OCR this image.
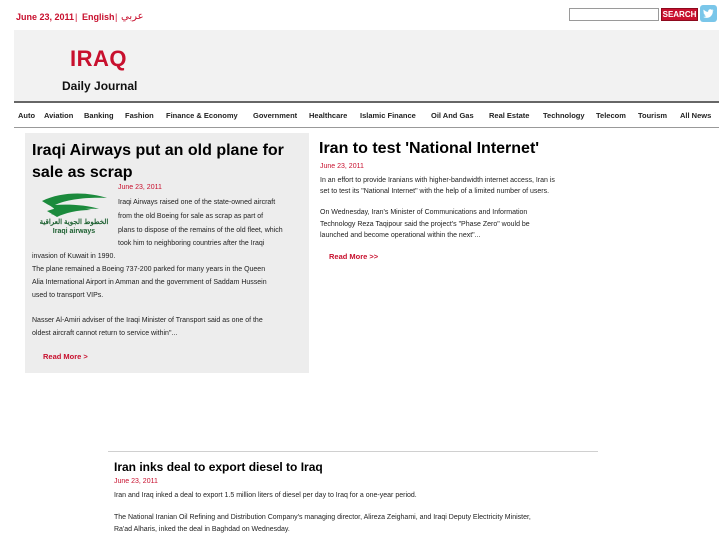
June 23, 2011 | English | عربي	SEARCH
IRAQ
Daily Journal
Auto Aviation Banking Fashion Finance & Economy Government Healthcare Islamic Finance Oil And Gas Real Estate Technology Telecom Tourism All News
Iraqi Airways put an old plane for
sale as scrap
June 23, 2011
الخطوط الجوية العراقية
Iraqi airways
Iraqi Airways raised one of the state-owned aircraft
from the old Boeing for sale as scrap as part of
plans to dispose of the remains of the old fleet, which
took him to neighboring countries after the Iraqi
invasion of Kuwait in 1990.
The plane remained a Boeing 737-200 parked for many years in the Queen
Alia International Airport in Amman and the government of Saddam Hussein
used to transport VIPs.
Nasser Al-Amiri adviser of the Iraqi Minister of Transport said as one of the
oldest aircraft cannot return to service within"...
Read More >
Iran to test 'National Internet'
June 23, 2011
In an effort to provide Iranians with higher-bandwidth internet access, Iran is
set to test its "National Internet" with the help of a limited number of users.
On Wednesday, Iran's Minister of Communications and Information
Technology Reza Taqipour said the project's "Phase Zero" would be
launched and become operational within the next"...
Read More >>
Iran inks deal to export diesel to Iraq
June 23, 2011
Iran and Iraq inked a deal to export 1.5 million liters of diesel per day to Iraq for a one-year period.
The National Iranian Oil Refining and Distribution Company's managing director, Alireza Zeighami, and Iraqi Deputy Electricity Minister,
Ra'ad Alharis, inked the deal in Baghdad on Wednesday.
